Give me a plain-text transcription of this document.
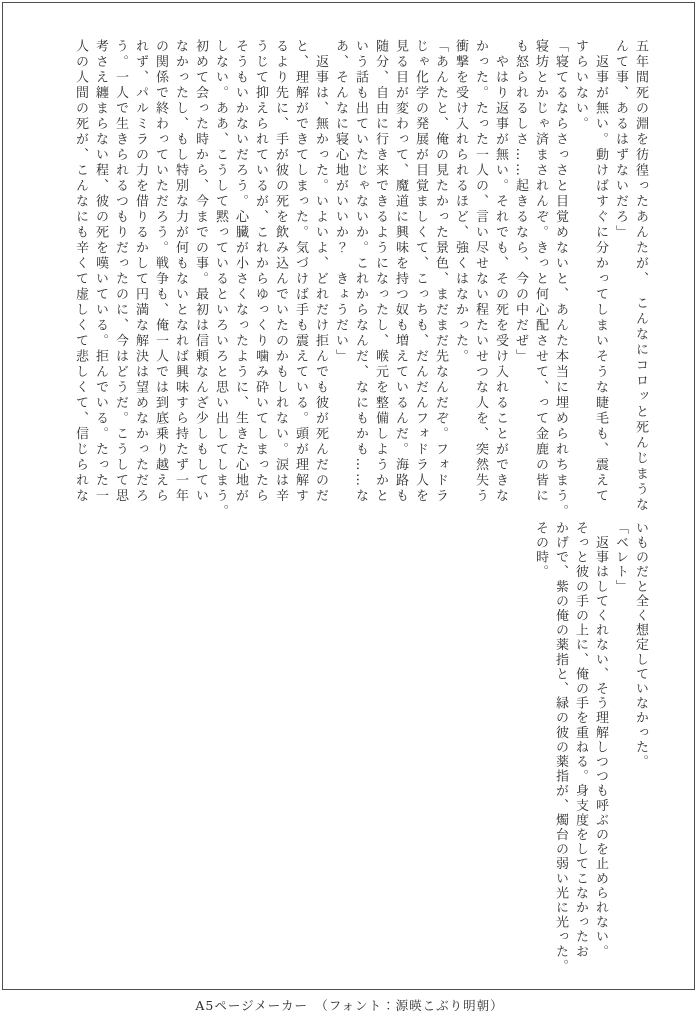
五年間死の淵を彷徨ったあんたが、　こんなにコロッと死んじまうな

んて事、あるはずないだろ」

　返事が無い。動けばすぐに分かってしまいそうな睫毛も、震えて

すらいない。

「寝てるならさっさと目覚めないと、あんた本当に埋められちまう。

寝坊とかじゃ済まされんぞ。きっと何心配させて、って金鹿の皆に

も怒られるしさ……起きるなら、今の中だぜ」

　やはり返事が無い。それでも、その死を受け入れることができな

かった。たった一人の、言い尽せない程たいせつな人を、突然失う

衝撃を受け入れられるほど、強くはなかった。

「あんたと、俺の見たかった景色、まだまだ先なんだぞ。フォドラ

じゃ化学の発展が目覚ましくて、こっちも、だんだんフォドラ人を

見る目が変わって、魔道に興味を持つ奴も増えているんだ。海路も

随分、自由に行き来できるようになったし、喉元を整備しようかと

いう話も出ていたじゃないか。これからなんだ、なにもかも……な

あ、そんなに寝心地がいいか？　きょうだい」

　返事は、無かった。いよいよ、どれだけ拒んでも彼が死んだのだ

と、理解ができてしまった。気づけば手も震えている。頭が理解す

るより先に、手が彼の死を飲み込んでいたのかもしれない。涙は辛

うじて抑えられているが、これからゆっくり噛み砕いてしまったら

そうもいかないだろう。心臓が小さくなったように、生きた心地が

しない。ああ、こうして黙っているといろいろと思い出してしまう。

初めて会った時から、今までの事。最初は信頼なんざ少しもしてい

なかったし、もし特別な力が何もないとなれば興味すら持たず一年

の関係で終わっていただろう。戦争も、俺一人では到底乗り越えら

れず、パルミラの力を借りるかして円満な解決は望めなかっただろ

う。一人で生きられるつもりだったのに、今はどうだ。こうして思

考さえ纏まらない程、彼の死を嘆いている。拒んでいる。たった一

人の人間の死が、こんなにも辛くて虚しくて悲しくて、信じられな

いものだと全く想定していなかった。

「ベレト」

　返事はしてくれない、そう理解しつつも呼ぶのを止められない。

そっと彼の手の上に、俺の手を重ねる。身支度をしてこなかったお

かげで、紫の俺の薬指と、緑の彼の薬指が、燭台の弱い光に光った。

その時。

A5ページメーカー　（フォント：源暎こぶり明朝）
